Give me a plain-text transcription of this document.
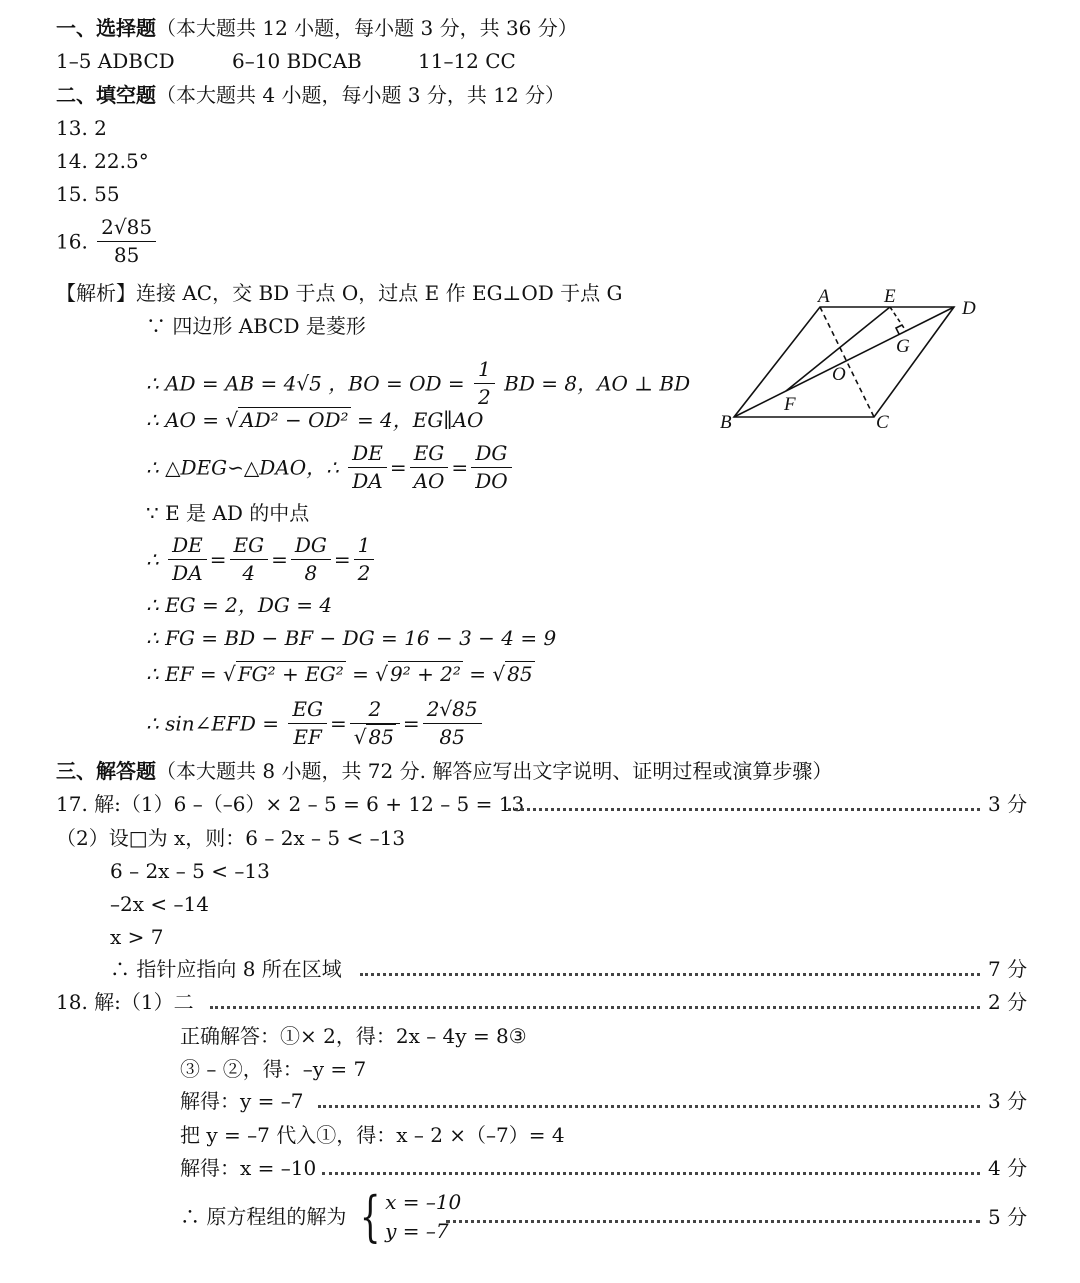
一、选择题（本大题共 12 小题，每小题 3 分，共 36 分）
1–5 ADBCD	6–10 BDCAB	11–12 CC
二、填空题（本大题共 4 小题，每小题 3 分，共 12 分）
13. 2
14. 22.5°
15. 55
16. $\frac{2√85}{85}$
【解析】连接 AC，交 BD 于点 O，过点 E 作 EG⊥OD 于点 G
∵ 四边形 ABCD 是菱形
∴ AD = AB = 4√5 ，BO = OD = $\frac{1}{2}$ BD = 8，AO ⊥ BD
∴ AO = √ AD² − OD² = 4，EG∥AO
∴ △DEG∽△DAO，∴ $\frac{DE}{DA} = \frac{EG}{AO} = \frac{DG}{DO}$
∵ E 是 AD 的中点
∴ $\frac{DE}{DA} = \frac{EG}{4} = \frac{DG}{8} = \frac{1}{2}$
∴ EG = 2，DG = 4
∴ FG = BD − BF − DG = 16 − 3 − 4 = 9
∴ EF = √ FG² + EG² = √ 9² + 2² = √ 85
∴ sin∠EFD = $\frac{EG}{EF} = \frac{2}{√ 85} = \frac{2√85}{85}$
A	E
D
G
O
F
B	C
三、解答题（本大题共 8 小题，共 72 分. 解答应写出文字说明、证明过程或演算步骤）
17. 解:（1）6 –（–6）× 2 – 5 = 6 + 12 – 5 = 13	3 分
（2）设□为 x，则：6 – 2x – 5 < –13
6 – 2x – 5 < –13
–2x < –14
x > 7
∴ 指针应指向 8 所在区域	7 分
18. 解:（1）二	2 分
正确解答：①× 2，得：2x – 4y = 8③
③ – ②，得：–y = 7
解得：y = –7	3 分
把 y = –7 代入①，得：x – 2 ×（–7）= 4
解得：x = –10	4 分
∴ 原方程组的解为 { x = –10
y = –7
5 分
